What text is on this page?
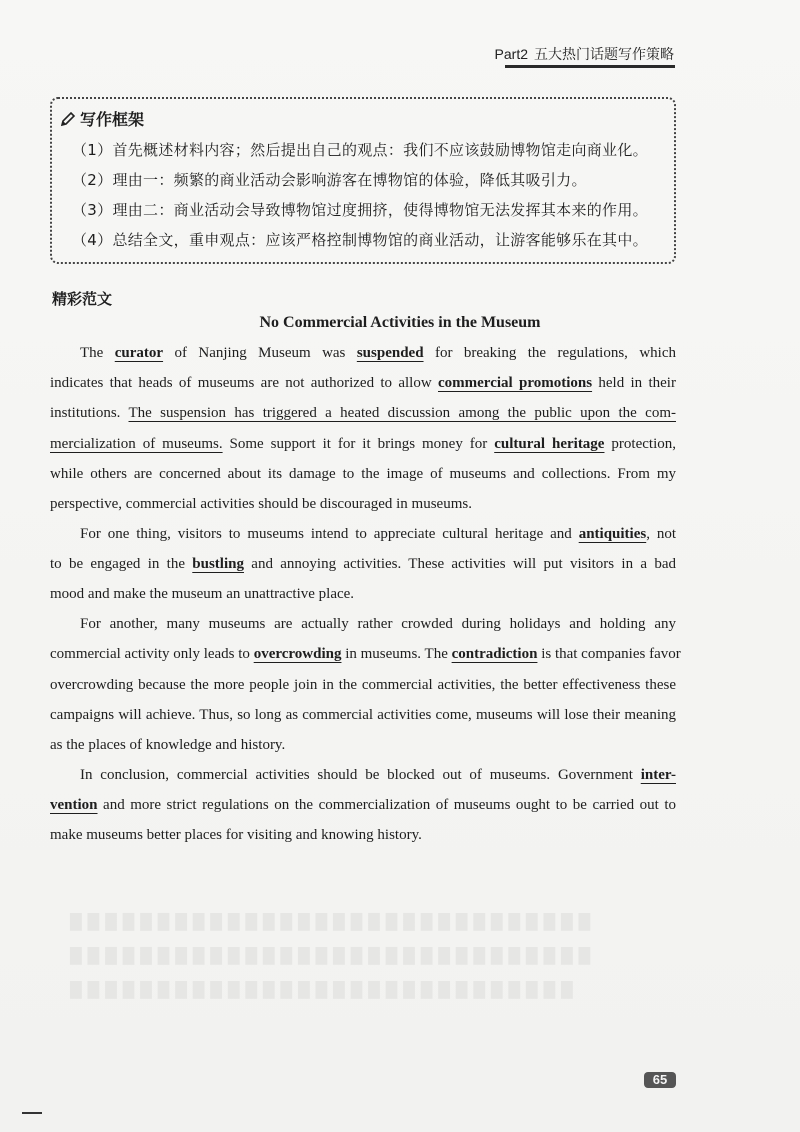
██████████████████████████████
██████████████████████████████
█████████████████████████████
Part2 五大热门话题写作策略
写作框架
（1）首先概述材料内容；然后提出自己的观点：我们不应该鼓励博物馆走向商业化。
（2）理由一：频繁的商业活动会影响游客在博物馆的体验，降低其吸引力。
（3）理由二：商业活动会导致博物馆过度拥挤，使得博物馆无法发挥其本来的作用。
（4）总结全文，重申观点：应该严格控制博物馆的商业活动，让游客能够乐在其中。
精彩范文
No Commercial Activities in the Museum
The curator of Nanjing Museum was suspended for breaking the regulations, which
indicates that heads of museums are not authorized to allow commercial promotions held in their
institutions. The suspension has triggered a heated discussion among the public upon the com-
mercialization of museums. Some support it for it brings money for cultural heritage protection,
while others are concerned about its damage to the image of museums and collections. From my
perspective, commercial activities should be discouraged in museums.
For one thing, visitors to museums intend to appreciate cultural heritage and antiquities, not
to be engaged in the bustling and annoying activities. These activities will put visitors in a bad
mood and make the museum an unattractive place.
For another, many museums are actually rather crowded during holidays and holding any
commercial activity only leads to overcrowding in museums. The contradiction is that companies favor
overcrowding because the more people join in the commercial activities, the better effectiveness these
campaigns will achieve. Thus, so long as commercial activities come, museums will lose their meaning
as the places of knowledge and history.
In conclusion, commercial activities should be blocked out of museums. Government inter-
vention and more strict regulations on the commercialization of museums ought to be carried out to
make museums better places for visiting and knowing history.
65
